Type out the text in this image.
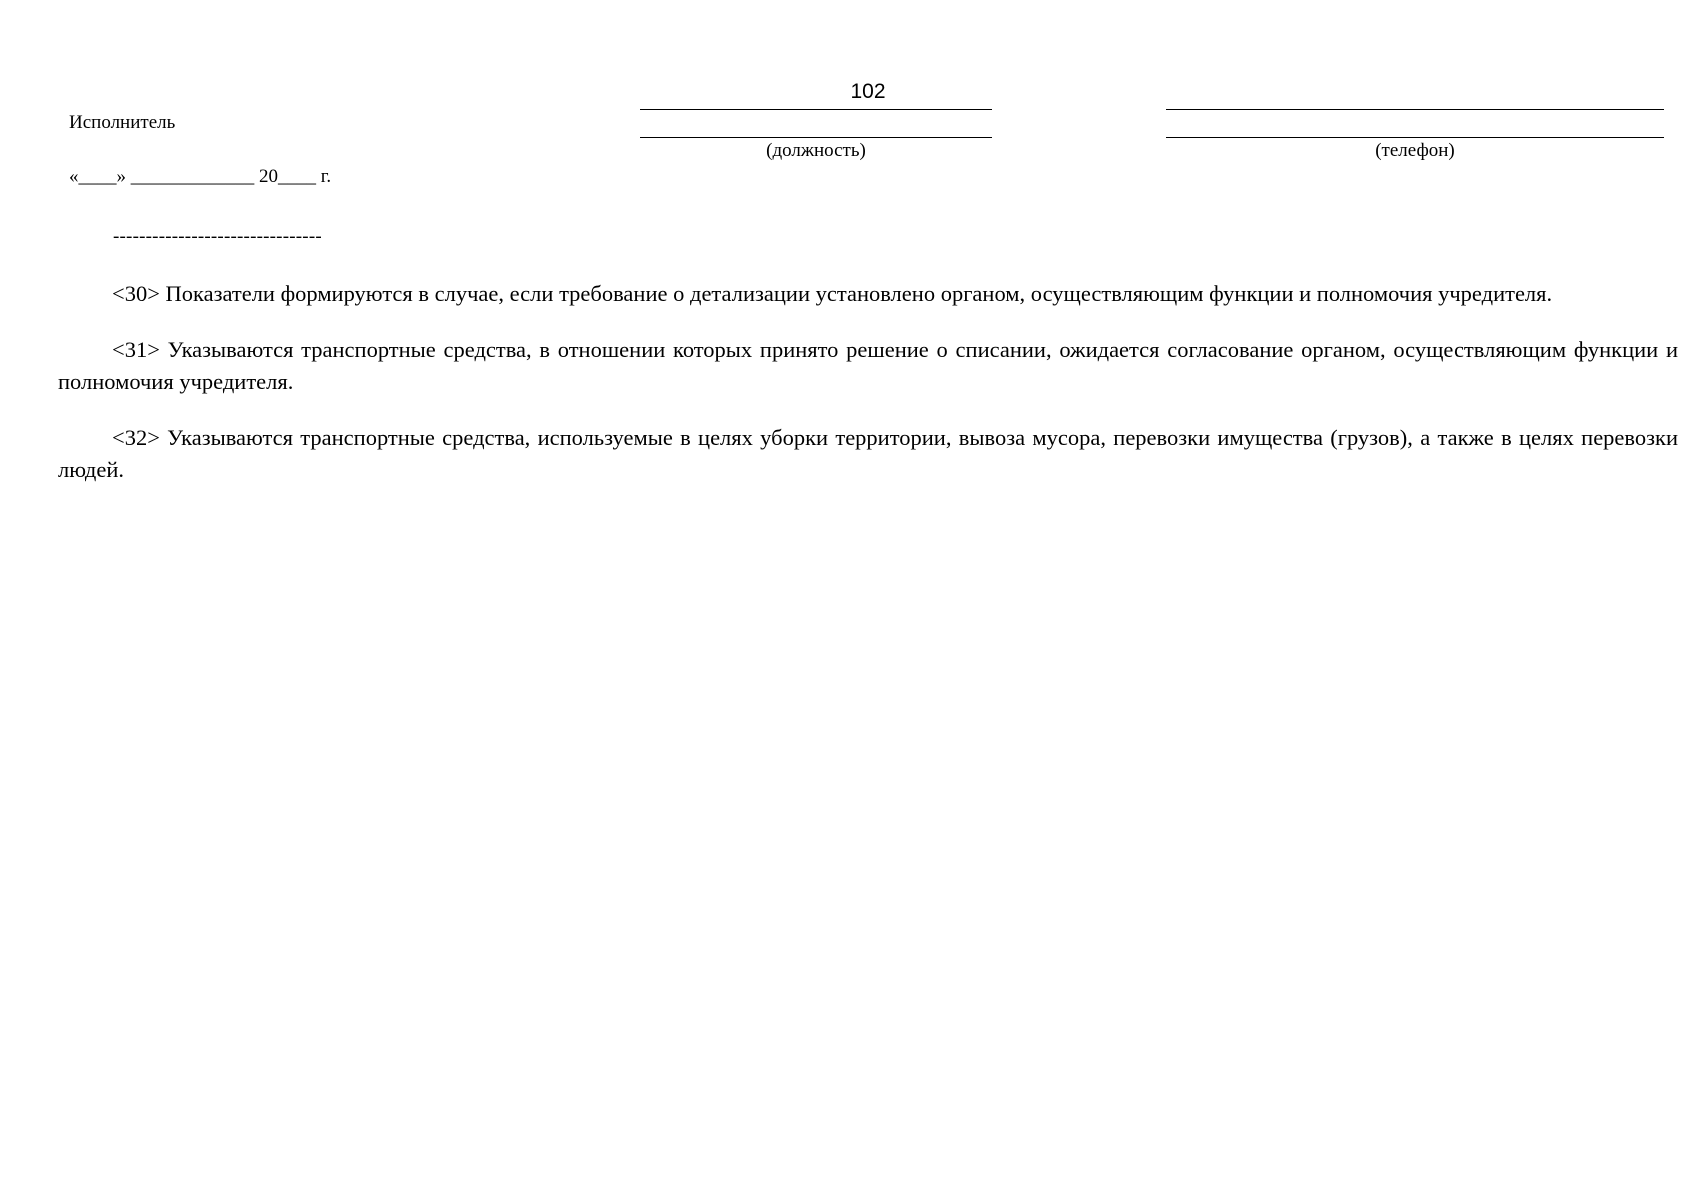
102
Исполнитель
(должность)	(телефон)
«____» _____________ 20____ г.
--------------------------------

<30> Показатели формируются в случае, если требование о детализации установлено органом, осуществляющим функции и полномочия учредителя.

<31> Указываются транспортные средства, в отношении которых принято решение о списании, ожидается согласование органом, осуществляющим функции и полномочия учредителя.

<32> Указываются транспортные средства, используемые в целях уборки территории, вывоза мусора, перевозки имущества (грузов), а также в целях перевозки людей.
